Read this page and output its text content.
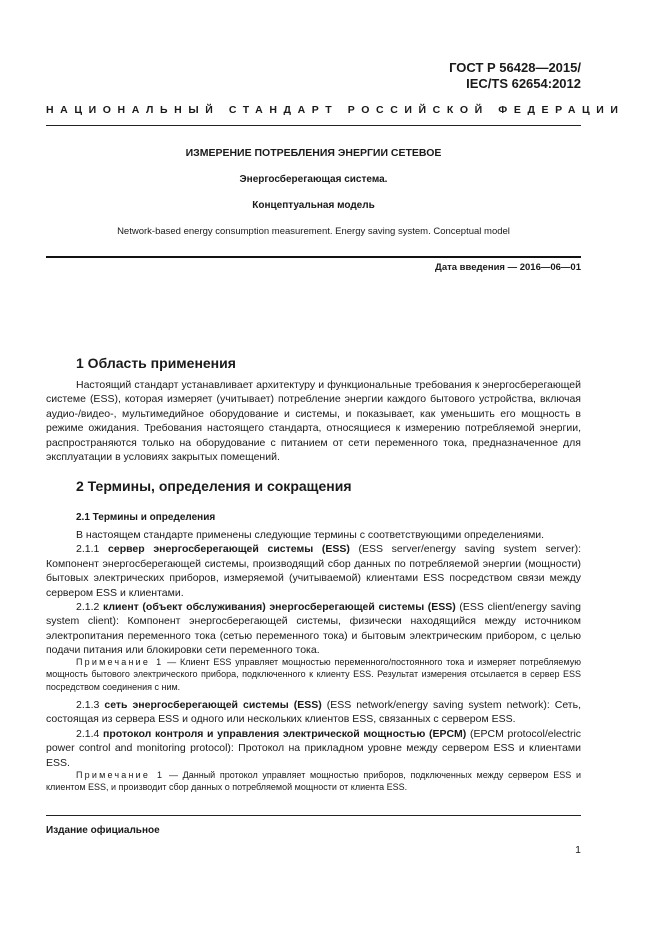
ГОСТ Р 56428—2015/
IEC/TS 62654:2012
НАЦИОНАЛЬНЫЙ СТАНДАРТ РОССИЙСКОЙ ФЕДЕРАЦИИ
ИЗМЕРЕНИЕ ПОТРЕБЛЕНИЯ ЭНЕРГИИ СЕТЕВОЕ
Энергосберегающая система.
Концептуальная модель
Network-based energy consumption measurement. Energy saving system. Conceptual model
Дата введения — 2016—06—01
1 Область применения

Настоящий стандарт устанавливает архитектуру и функциональные требования к энергосберегающей системе (ESS), которая измеряет (учитывает) потребление энергии каждого бытового устройства, включая аудио-/видео-, мультимедийное оборудование и системы, и показывает, как уменьшить его мощность в режиме ожидания. Требования настоящего стандарта, относящиеся к измерению потребляемой энергии, распространяются только на оборудование с питанием от сети переменного тока, предназначенное для эксплуатации в условиях закрытых помещений.

2 Термины, определения и сокращения
2.1 Термины и определения

В настоящем стандарте применены следующие термины с соответствующими определениями.

2.1.1 сервер энергосберегающей системы (ESS) (ESS server/energy saving system server): Компонент энергосберегающей системы, производящий сбор данных по потребляемой энергии (мощности) бытовых электрических приборов, измеряемой (учитываемой) клиентами ESS посредством связи между сервером ESS и клиентами.

2.1.2 клиент (объект обслуживания) энергосберегающей системы (ESS) (ESS client/energy saving system client): Компонент энергосберегающей системы, физически находящийся между источником электропитания переменного тока (сетью переменного тока) и бытовым электрическим прибором, с целью подачи питания или блокировки сети переменного тока.

Примечание 1 — Клиент ESS управляет мощностью переменного/постоянного тока и измеряет потребляемую мощность бытового электрического прибора, подключенного к клиенту ESS. Результат измерения отсылается в сервер ESS посредством соединения с ним.

2.1.3 сеть энергосберегающей системы (ESS) (ESS network/energy saving system network): Сеть, состоящая из сервера ESS и одного или нескольких клиентов ESS, связанных с сервером ESS.

2.1.4 протокол контроля и управления электрической мощностью (EPCM) (EPCM protocol/electric power control and monitoring protocol): Протокол на прикладном уровне между сервером ESS и клиентами ESS.

Примечание 1 — Данный протокол управляет мощностью приборов, подключенных между сервером ESS и клиентом ESS, и производит сбор данных о потребляемой мощности от клиента ESS.

Издание официальное
1
